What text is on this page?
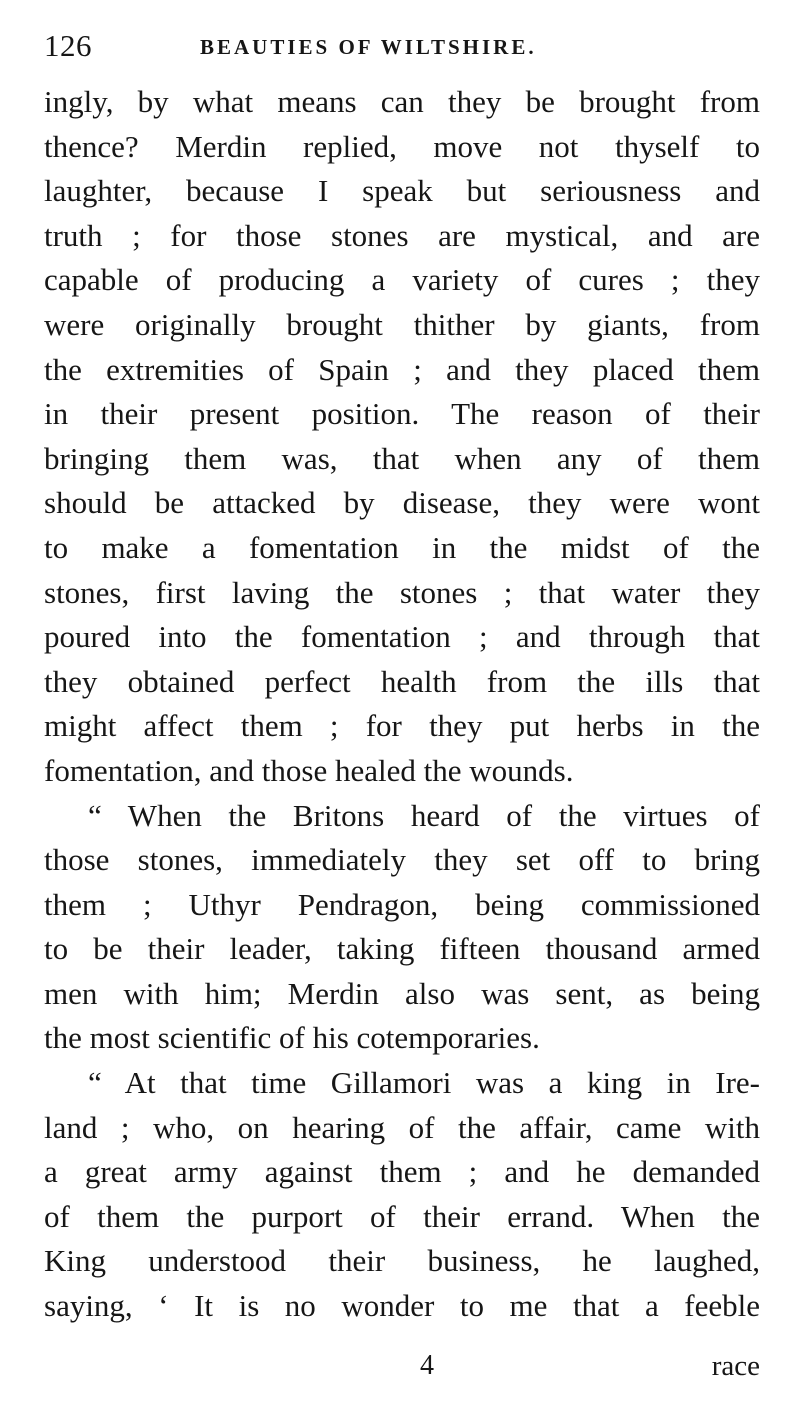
126	BEAUTIES OF WILTSHIRE.
ingly, by what means can they be brought from
thence? Merdin replied, move not thyself to
laughter, because I speak but seriousness and
truth ; for those stones are mystical, and are
capable of producing a variety of cures ; they
were originally brought thither by giants, from
the extremities of Spain ; and they placed them
in their present position. The reason of their
bringing them was, that when any of them
should be attacked by disease, they were wont
to make a fomentation in the midst of the
stones, first laving the stones ; that water they
poured into the fomentation ; and through that
they obtained perfect health from the ills that
might affect them ; for they put herbs in the
fomentation, and those healed the wounds.
“ When the Britons heard of the virtues of
those stones, immediately they set off to bring
them ; Uthyr Pendragon, being commissioned
to be their leader, taking fifteen thousand armed
men with him; Merdin also was sent, as being
the most scientific of his cotemporaries.
“ At that time Gillamori was a king in Ire-
land ; who, on hearing of the affair, came with
a great army against them ; and he demanded
of them the purport of their errand. When the
King understood their business, he laughed,
saying, ‘ It is no wonder to me that a feeble
4	race
